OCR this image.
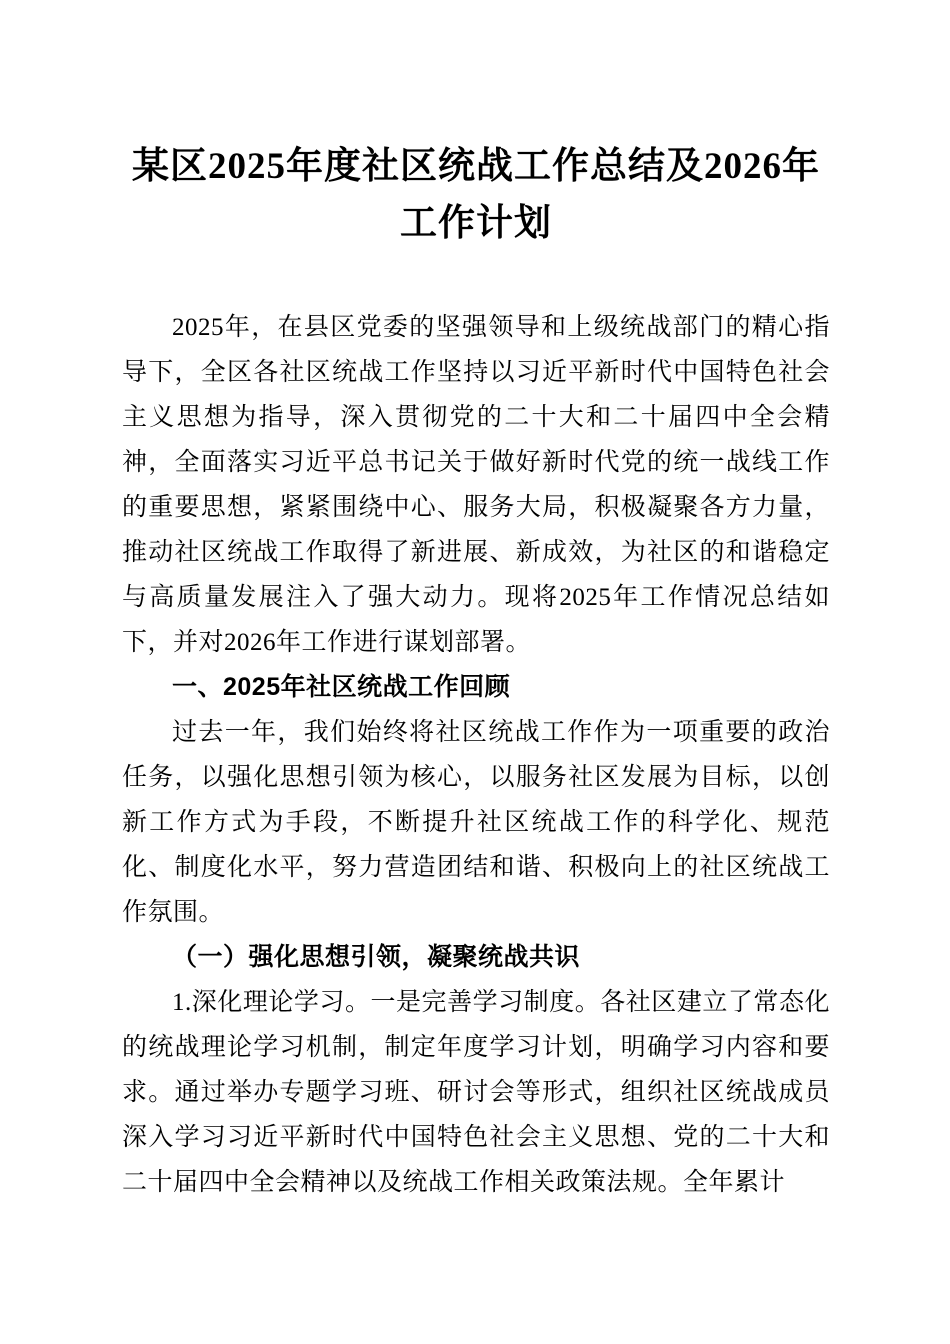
某区2025年度社区统战工作总结及2026年工作计划

2025年，在县区党委的坚强领导和上级统战部门的精心指导下，全区各社区统战工作坚持以习近平新时代中国特色社会主义思想为指导，深入贯彻党的二十大和二十届四中全会精神，全面落实习近平总书记关于做好新时代党的统一战线工作的重要思想，紧紧围绕中心、服务大局，积极凝聚各方力量，推动社区统战工作取得了新进展、新成效，为社区的和谐稳定与高质量发展注入了强大动力。现将2025年工作情况总结如下，并对2026年工作进行谋划部署。

一、2025年社区统战工作回顾

过去一年，我们始终将社区统战工作作为一项重要的政治任务，以强化思想引领为核心，以服务社区发展为目标，以创新工作方式为手段，不断提升社区统战工作的科学化、规范化、制度化水平，努力营造团结和谐、积极向上的社区统战工作氛围。

（一）强化思想引领，凝聚统战共识

1.深化理论学习。一是完善学习制度。各社区建立了常态化的统战理论学习机制，制定年度学习计划，明确学习内容和要求。通过举办专题学习班、研讨会等形式，组织社区统战成员深入学习习近平新时代中国特色社会主义思想、党的二十大和二十届四中全会精神以及统战工作相关政策法规。全年累计
